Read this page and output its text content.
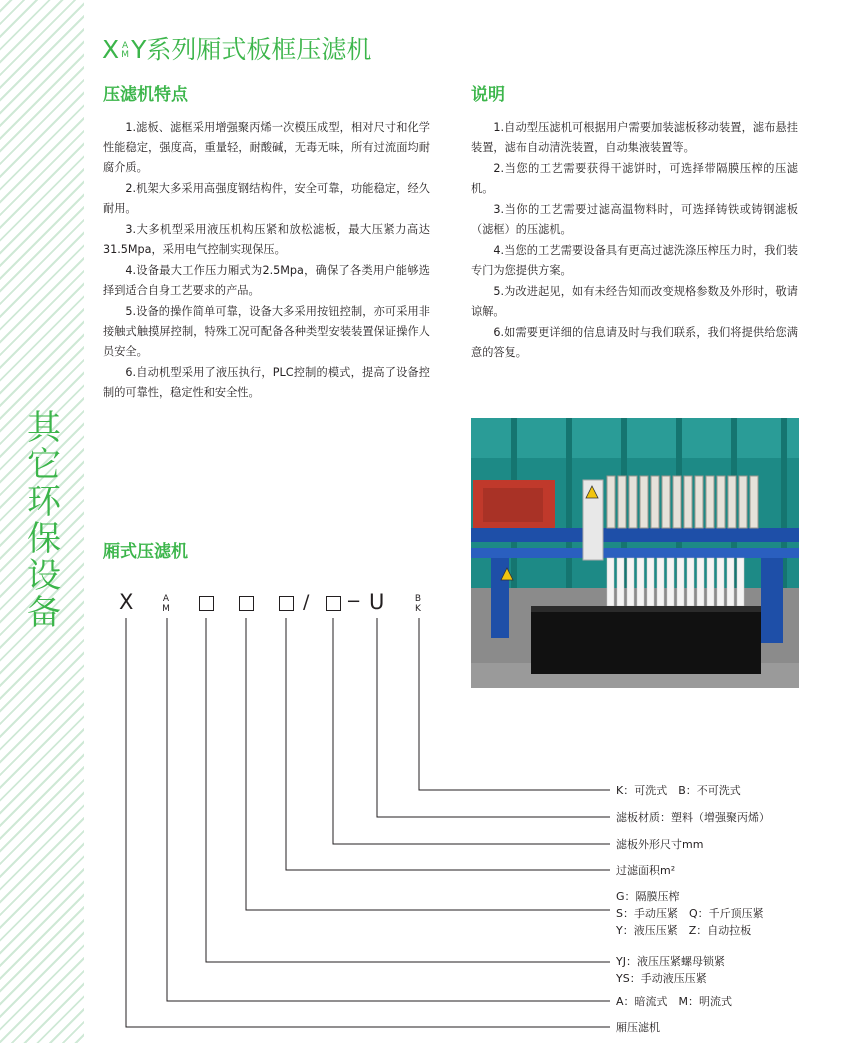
其
它
环
保
设
备
X A
M Y系列厢式板框压滤机
压滤机特点

1.滤板、滤框采用增强聚丙烯一次模压成型，相对尺寸和化学性能稳定，强度高，重量轻，耐酸碱，无毒无味，所有过流面均耐腐介质。

2.机架大多采用高强度钢结构件，安全可靠，功能稳定，经久耐用。

3.大多机型采用液压机构压紧和放松滤板，最大压紧力高达31.5Mpa，采用电气控制实现保压。

4.设备最大工作压力厢式为2.5Mpa，确保了各类用户能够选择到适合自身工艺要求的产品。

5.设备的操作简单可靠，设备大多采用按钮控制，亦可采用非接触式触摸屏控制，特殊工况可配备各种类型安装装置保证操作人员安全。

6.自动机型采用了液压执行，PLC控制的模式，提高了设备控制的可靠性，稳定性和安全性。

说明

1.自动型压滤机可根据用户需要加装滤板移动装置，滤布悬挂装置，滤布自动清洗装置，自动集液装置等。

2.当您的工艺需要获得干滤饼时，可选择带隔膜压榨的压滤机。

3.当你的工艺需要过滤高温物料时，可选择铸铁或铸钢滤板（滤框）的压滤机。

4.当您的工艺需要设备具有更高过滤洗涤压榨压力时，我们装专门为您提供方案。

5.为改进起见，如有未经告知而改变规格参数及外形时，敬请谅解。

6.如需要更详细的信息请及时与我们联系，我们将提供给您满意的答复。

厢式压滤机
X	A
M	/ − U	B
K
K：可洗式　B：不可洗式
滤板材质：塑料（增强聚丙烯）
滤板外形尺寸mm
过滤面积m²
G：隔膜压榨
S：手动压紧　Q：千斤顶压紧
Y：液压压紧　Z：自动拉板
YJ：液压压紧螺母锁紧
YS：手动液压压紧
A：暗流式　M：明流式
厢压滤机
